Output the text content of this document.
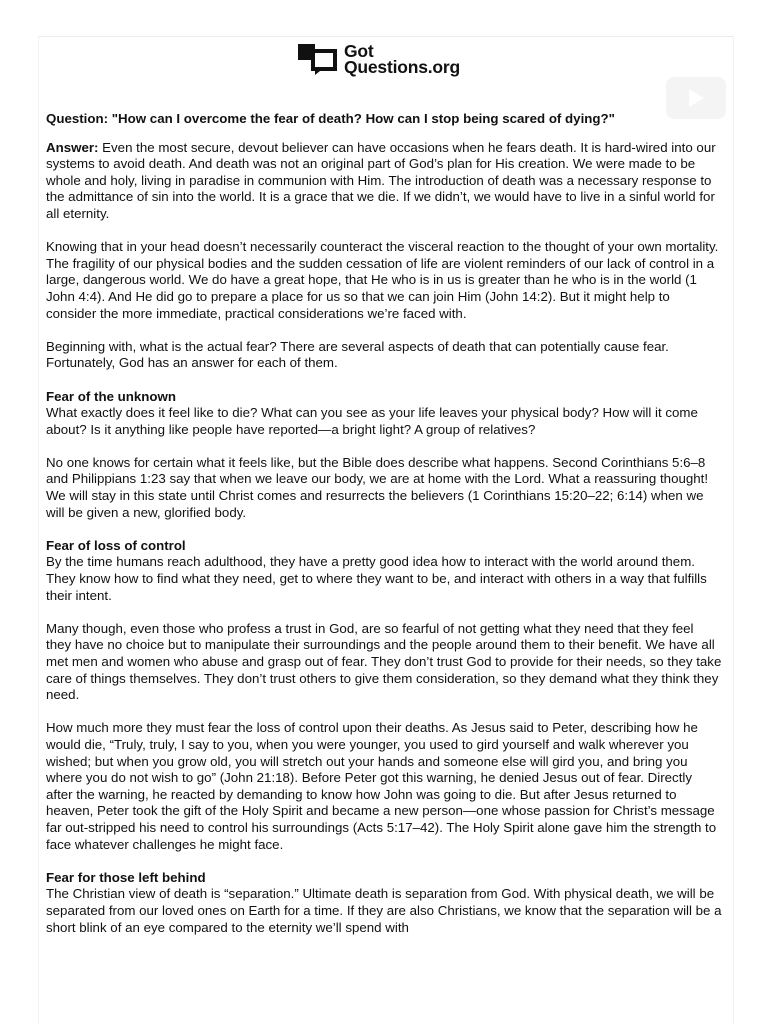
Got
Questions.org

Question: "How can I overcome the fear of death? How can I stop being scared of dying?"

Answer: Even the most secure, devout believer can have occasions when he fears death. It is hard-wired into our systems to avoid death. And death was not an original part of God’s plan for His creation. We were made to be whole and holy, living in paradise in communion with Him. The introduction of death was a necessary response to the admittance of sin into the world. It is a grace that we die. If we didn’t, we would have to live in a sinful world for all eternity.

Knowing that in your head doesn’t necessarily counteract the visceral reaction to the thought of your own mortality. The fragility of our physical bodies and the sudden cessation of life are violent reminders of our lack of control in a large, dangerous world. We do have a great hope, that He who is in us is greater than he who is in the world (1 John 4:4). And He did go to prepare a place for us so that we can join Him (John 14:2). But it might help to consider the more immediate, practical considerations we’re faced with.

Beginning with, what is the actual fear? There are several aspects of death that can potentially cause fear. Fortunately, God has an answer for each of them.

Fear of the unknown
What exactly does it feel like to die? What can you see as your life leaves your physical body? How will it come about? Is it anything like people have reported—a bright light? A group of relatives?

No one knows for certain what it feels like, but the Bible does describe what happens. Second Corinthians 5:6–8 and Philippians 1:23 say that when we leave our body, we are at home with the Lord. What a reassuring thought! We will stay in this state until Christ comes and resurrects the believers (1 Corinthians 15:20–22; 6:14) when we will be given a new, glorified body.

Fear of loss of control
By the time humans reach adulthood, they have a pretty good idea how to interact with the world around them. They know how to find what they need, get to where they want to be, and interact with others in a way that fulfills their intent.

Many though, even those who profess a trust in God, are so fearful of not getting what they need that they feel they have no choice but to manipulate their surroundings and the people around them to their benefit. We have all met men and women who abuse and grasp out of fear. They don’t trust God to provide for their needs, so they take care of things themselves. They don’t trust others to give them consideration, so they demand what they think they need.

How much more they must fear the loss of control upon their deaths. As Jesus said to Peter, describing how he would die, “Truly, truly, I say to you, when you were younger, you used to gird yourself and walk wherever you wished; but when you grow old, you will stretch out your hands and someone else will gird you, and bring you where you do not wish to go” (John 21:18). Before Peter got this warning, he denied Jesus out of fear. Directly after the warning, he reacted by demanding to know how John was going to die. But after Jesus returned to heaven, Peter took the gift of the Holy Spirit and became a new person—one whose passion for Christ’s message far out-stripped his need to control his surroundings (Acts 5:17–42). The Holy Spirit alone gave him the strength to face whatever challenges he might face.

Fear for those left behind
The Christian view of death is “separation.” Ultimate death is separation from God. With physical death, we will be separated from our loved ones on Earth for a time. If they are also Christians, we know that the separation will be a short blink of an eye compared to the eternity we’ll spend with
